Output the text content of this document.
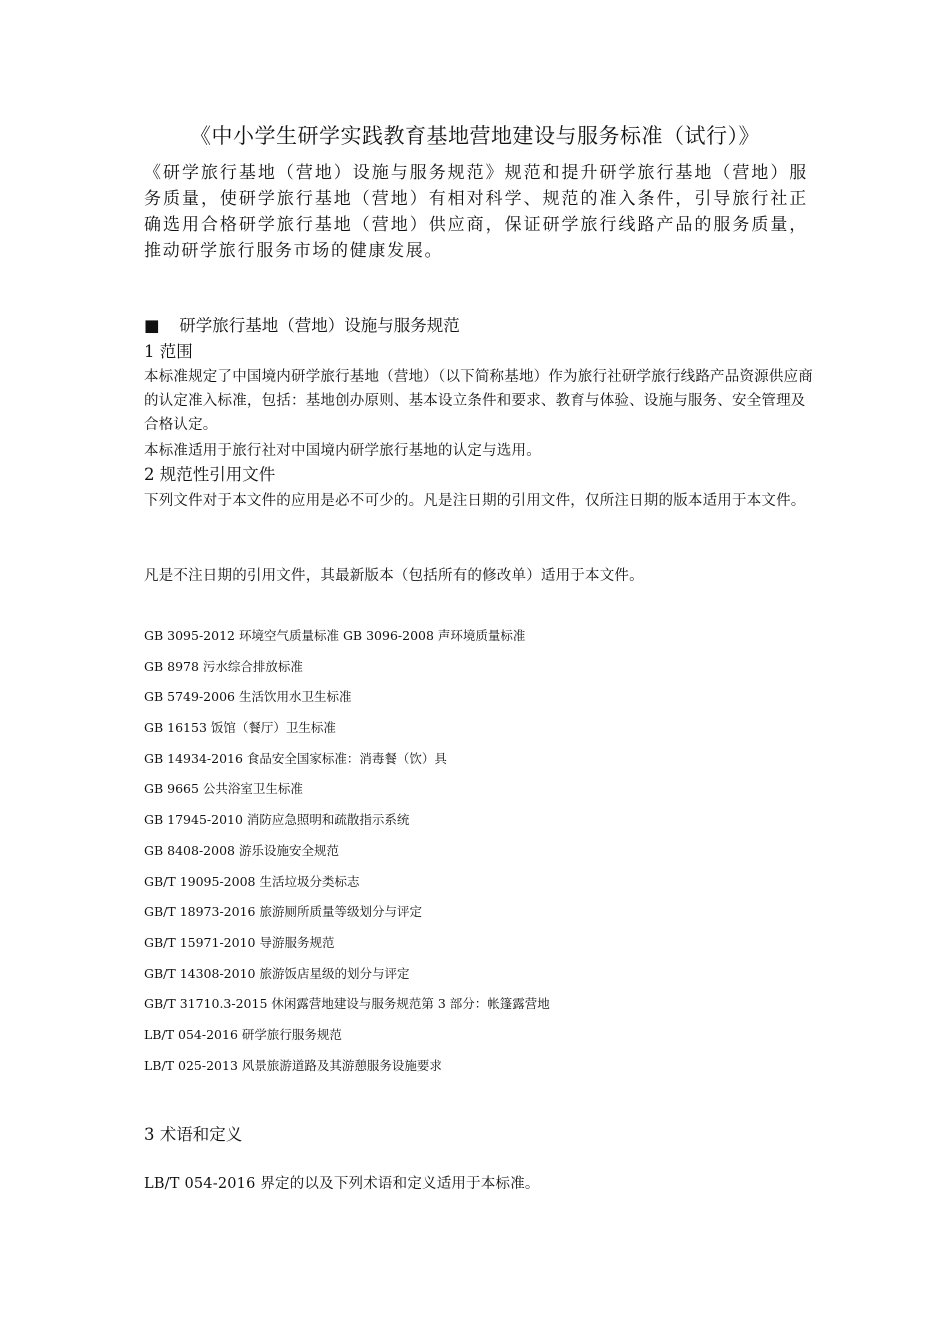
《中小学生研学实践教育基地营地建设与服务标准（试行）》
《研学旅行基地（营地）设施与服务规范》规范和提升研学旅行基地（营地）服务质量，使研学旅行基地（营地）有相对科学、规范的准入条件，引导旅行社正确选用合格研学旅行基地（营地）供应商，保证研学旅行线路产品的服务质量，推动研学旅行服务市场的健康发展。
■ 研学旅行基地（营地）设施与服务规范
1 范围
本标准规定了中国境内研学旅行基地（营地）（以下简称基地）作为旅行社研学旅行线路产品资源供应商的认定准入标准，包括：基地创办原则、基本设立条件和要求、教育与体验、设施与服务、安全管理及合格认定。
本标准适用于旅行社对中国境内研学旅行基地的认定与选用。
2 规范性引用文件
下列文件对于本文件的应用是必不可少的。凡是注日期的引用文件，仅所注日期的版本适用于本文件。
凡是不注日期的引用文件，其最新版本（包括所有的修改单）适用于本文件。
GB 3095-2012 环境空气质量标准 GB 3096-2008 声环境质量标准
GB 8978 污水综合排放标准
GB 5749-2006 生活饮用水卫生标准
GB 16153 饭馆（餐厅）卫生标准
GB 14934-2016 食品安全国家标准：消毒餐（饮）具
GB 9665 公共浴室卫生标准
GB 17945-2010 消防应急照明和疏散指示系统
GB 8408-2008 游乐设施安全规范
GB/T 19095-2008 生活垃圾分类标志
GB/T 18973-2016 旅游厕所质量等级划分与评定
GB/T 15971-2010 导游服务规范
GB/T 14308-2010 旅游饭店星级的划分与评定
GB/T 31710.3-2015 休闲露营地建设与服务规范第 3 部分：帐篷露营地
LB/T 054-2016 研学旅行服务规范
LB/T 025-2013 风景旅游道路及其游憩服务设施要求
3 术语和定义
LB/T 054-2016 界定的以及下列术语和定义适用于本标准。
